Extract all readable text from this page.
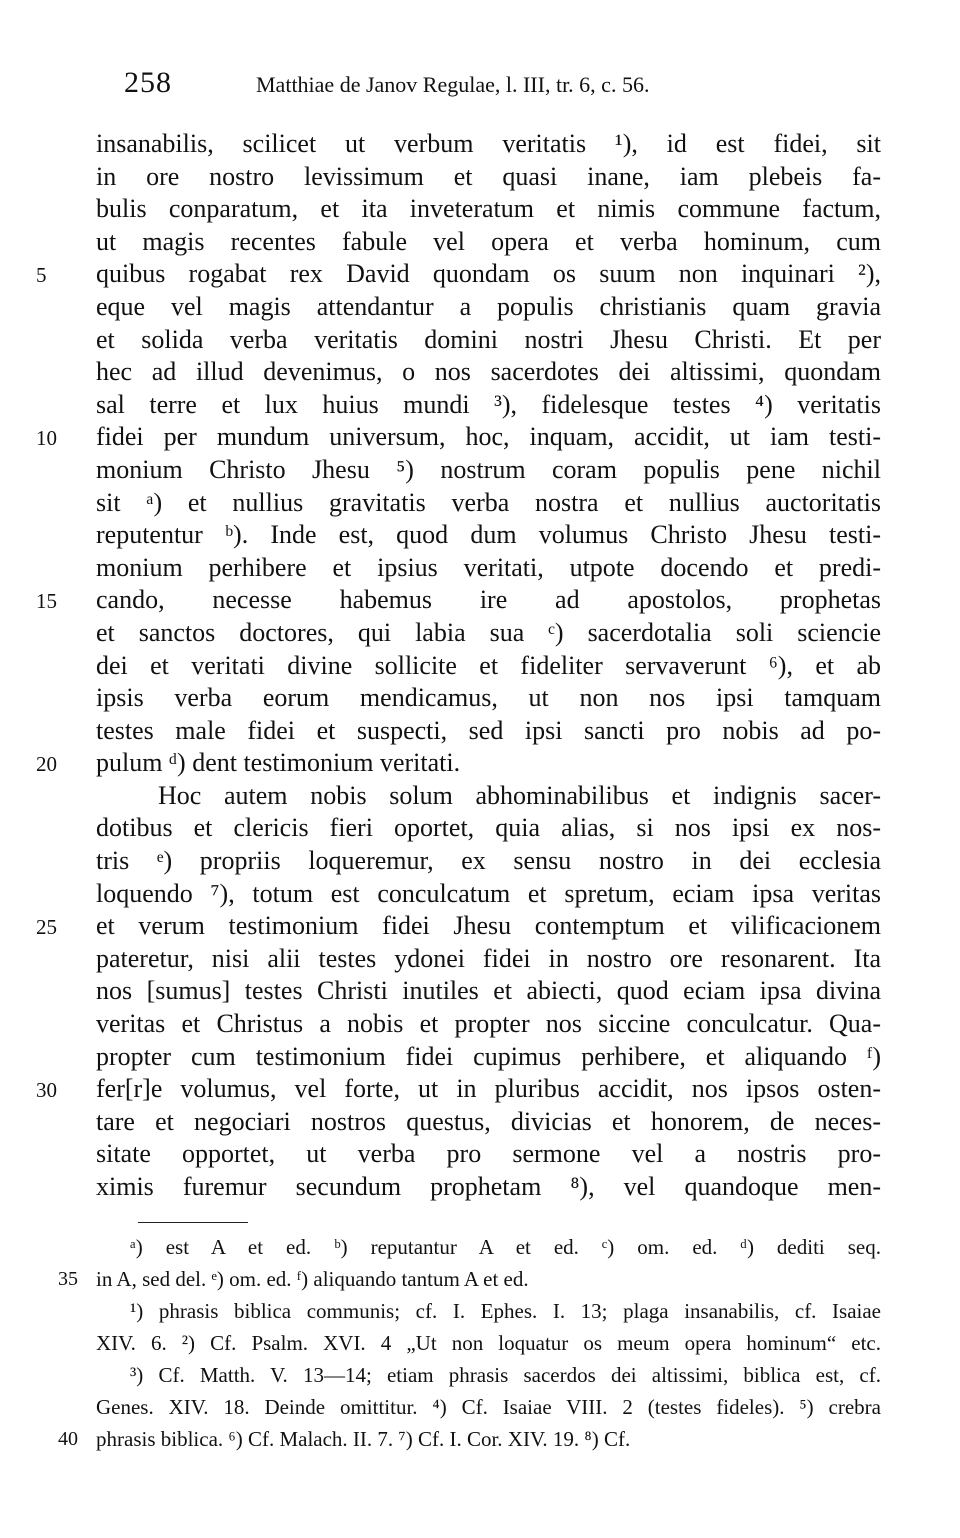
258	Matthiae de Janov Regulae, l. III, tr. 6, c. 56.
insanabilis, scilicet ut verbum veritatis ¹), id est fidei, sit
in ore nostro levissimum et quasi inane, iam plebeis fa-
bulis conparatum, et ita inveteratum et nimis commune factum,
ut magis recentes fabule vel opera et verba hominum, cum
5	quibus rogabat rex David quondam os suum non inquinari ²),
eque vel magis attendantur a populis christianis quam gravia
et solida verba veritatis domini nostri Jhesu Christi. Et per
hec ad illud devenimus, o nos sacerdotes dei altissimi, quondam
sal terre et lux huius mundi ³), fidelesque testes ⁴) veritatis
10	fidei per mundum universum, hoc, inquam, accidit, ut iam testi-
monium Christo Jhesu ⁵) nostrum coram populis pene nichil
sit ᵃ) et nullius gravitatis verba nostra et nullius auctoritatis
reputentur ᵇ). Inde est, quod dum volumus Christo Jhesu testi-
monium perhibere et ipsius veritati, utpote docendo et predi-
15	cando, necesse habemus ire ad apostolos, prophetas
et sanctos doctores, qui labia sua ᶜ) sacerdotalia soli sciencie
dei et veritati divine sollicite et fideliter servaverunt ⁶), et ab
ipsis verba eorum mendicamus, ut non nos ipsi tamquam
testes male fidei et suspecti, sed ipsi sancti pro nobis ad po-
20	pulum ᵈ) dent testimonium veritati.
Hoc autem nobis solum abhominabilibus et indignis sacer-
dotibus et clericis fieri oportet, quia alias, si nos ipsi ex nos-
tris ᵉ) propriis loqueremur, ex sensu nostro in dei ecclesia
loquendo ⁷), totum est conculcatum et spretum, eciam ipsa veritas
25	et verum testimonium fidei Jhesu contemptum et vilificacionem
pateretur, nisi alii testes ydonei fidei in nostro ore resonarent. Ita
nos [sumus] testes Christi inutiles et abiecti, quod eciam ipsa divina
veritas et Christus a nobis et propter nos siccine conculcatur. Qua-
propter cum testimonium fidei cupimus perhibere, et aliquando ᶠ)
30	fer[r]e volumus, vel forte, ut in pluribus accidit, nos ipsos osten-
tare et negociari nostros questus, divicias et honorem, de neces-
sitate opportet, ut verba pro sermone vel a nostris pro-
ximis furemur secundum prophetam ⁸), vel quandoque men-
ᵃ) est A et ed. ᵇ) reputantur A et ed. ᶜ) om. ed. ᵈ) dediti seq.
35 in A, sed del. ᵉ) om. ed. ᶠ) aliquando tantum A et ed.
¹) phrasis biblica communis; cf. I. Ephes. I. 13; plaga insanabilis, cf. Isaiae
XIV. 6. ²) Cf. Psalm. XVI. 4 „Ut non loquatur os meum opera hominum“ etc.
³) Cf. Matth. V. 13—14; etiam phrasis sacerdos dei altissimi, biblica est, cf.
Genes. XIV. 18. Deinde omittitur. ⁴) Cf. Isaiae VIII. 2 (testes fideles). ⁵) crebra
40 phrasis biblica. ⁶) Cf. Malach. II. 7. ⁷) Cf. I. Cor. XIV. 19. ⁸) Cf.
